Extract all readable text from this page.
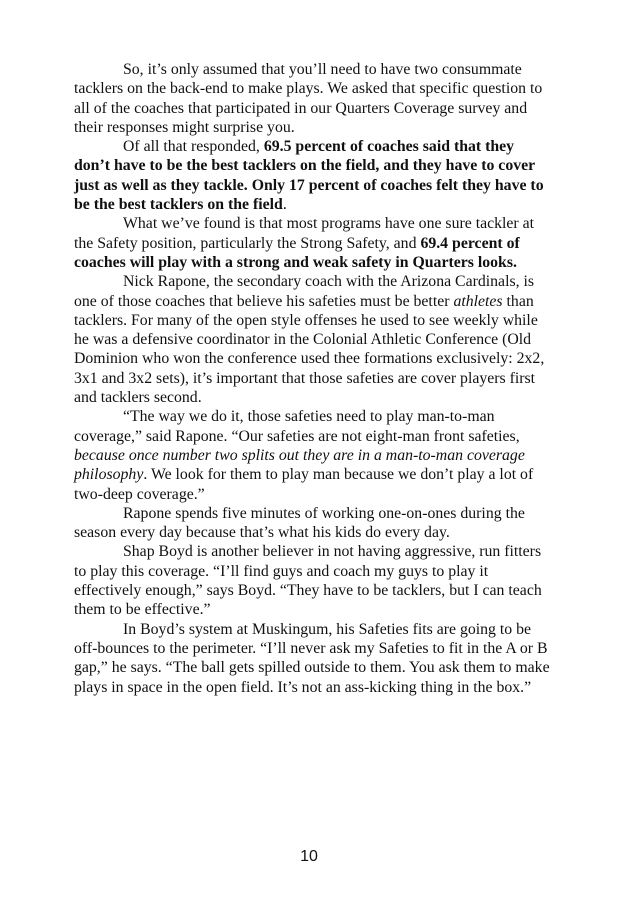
So, it’s only assumed that you’ll need to have two consummate tacklers on the back-end to make plays. We asked that specific question to all of the coaches that participated in our Quarters Coverage survey and their responses might surprise you.

Of all that responded, 69.5 percent of coaches said that they don’t have to be the best tacklers on the field, and they have to cover just as well as they tackle. Only 17 percent of coaches felt they have to be the best tacklers on the field.

What we’ve found is that most programs have one sure tackler at the Safety position, particularly the Strong Safety, and 69.4 percent of coaches will play with a strong and weak safety in Quarters looks.

Nick Rapone, the secondary coach with the Arizona Cardinals, is one of those coaches that believe his safeties must be better athletes than tacklers. For many of the open style offenses he used to see weekly while he was a defensive coordinator in the Colonial Athletic Conference (Old Dominion who won the conference used thee formations exclusively: 2x2, 3x1 and 3x2 sets), it’s important that those safeties are cover players first and tacklers second.

“The way we do it, those safeties need to play man-to-man coverage,” said Rapone. “Our safeties are not eight-man front safeties, because once number two splits out they are in a man-to-man coverage philosophy. We look for them to play man because we don’t play a lot of two-deep coverage.”

Rapone spends five minutes of working one-on-ones during the season every day because that’s what his kids do every day.

Shap Boyd is another believer in not having aggressive, run fitters to play this coverage. “I’ll find guys and coach my guys to play it effectively enough,” says Boyd. “They have to be tacklers, but I can teach them to be effective.”

In Boyd’s system at Muskingum, his Safeties fits are going to be off-bounces to the perimeter. “I’ll never ask my Safeties to fit in the A or B gap,” he says. “The ball gets spilled outside to them. You ask them to make plays in space in the open field. It’s not an ass-kicking thing in the box.”

10
